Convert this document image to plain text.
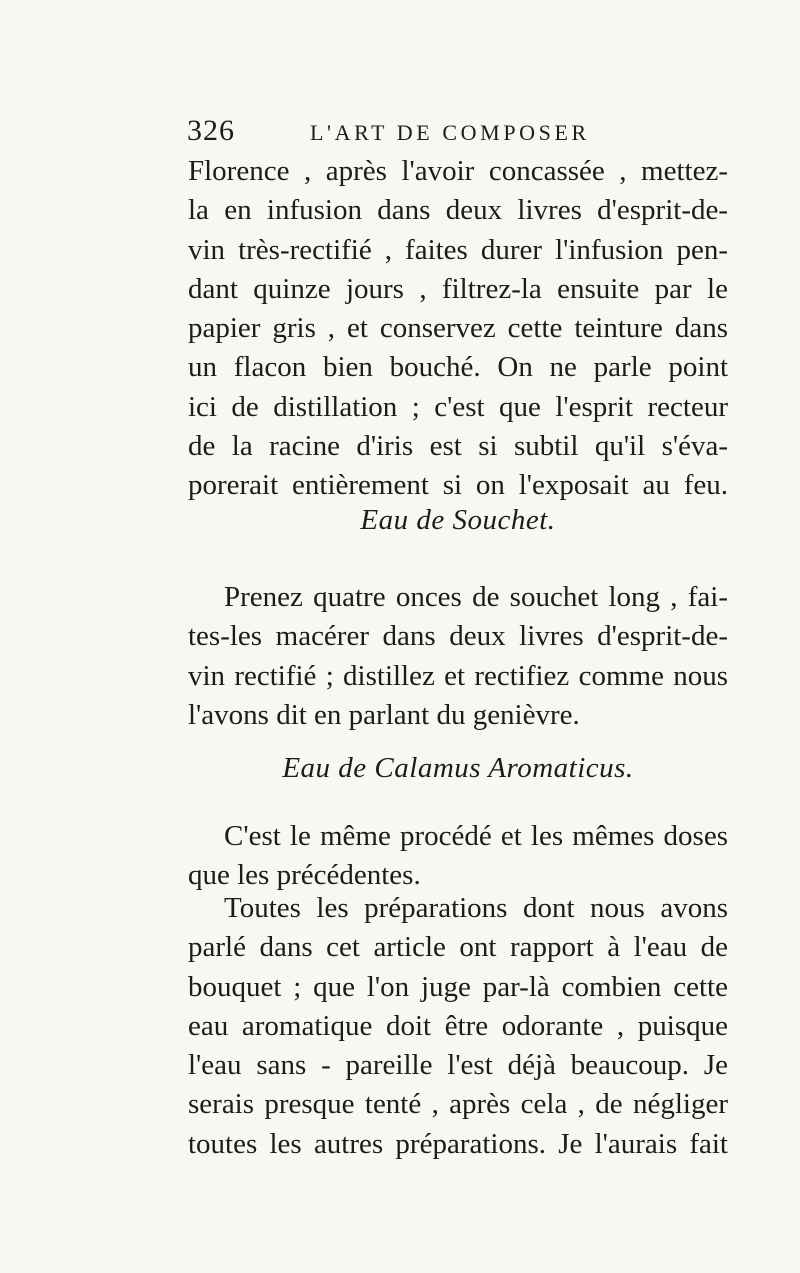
326	L'ART DE COMPOSER
Florence , après l'avoir concassée , mettez-
la en infusion dans deux livres d'esprit-de-
vin très-rectifié , faites durer l'infusion pen-
dant quinze jours , filtrez-la ensuite par le
papier gris , et conservez cette teinture dans
un flacon bien bouché. On ne parle point
ici de distillation ; c'est que l'esprit recteur
de la racine d'iris est si subtil qu'il s'éva-
porerait entièrement si on l'exposait au feu.
Eau de Souchet.
Prenez quatre onces de souchet long , fai-
tes-les macérer dans deux livres d'esprit-de-
vin rectifié ; distillez et rectifiez comme nous
l'avons dit en parlant du genièvre.
Eau de Calamus Aromaticus.
C'est le même procédé et les mêmes doses
que les précédentes.
Toutes les préparations dont nous avons
parlé dans cet article ont rapport à l'eau de
bouquet ; que l'on juge par-là combien cette
eau aromatique doit être odorante , puisque
l'eau sans - pareille l'est déjà beaucoup. Je
serais presque tenté , après cela , de négliger
toutes les autres préparations. Je l'aurais fait
